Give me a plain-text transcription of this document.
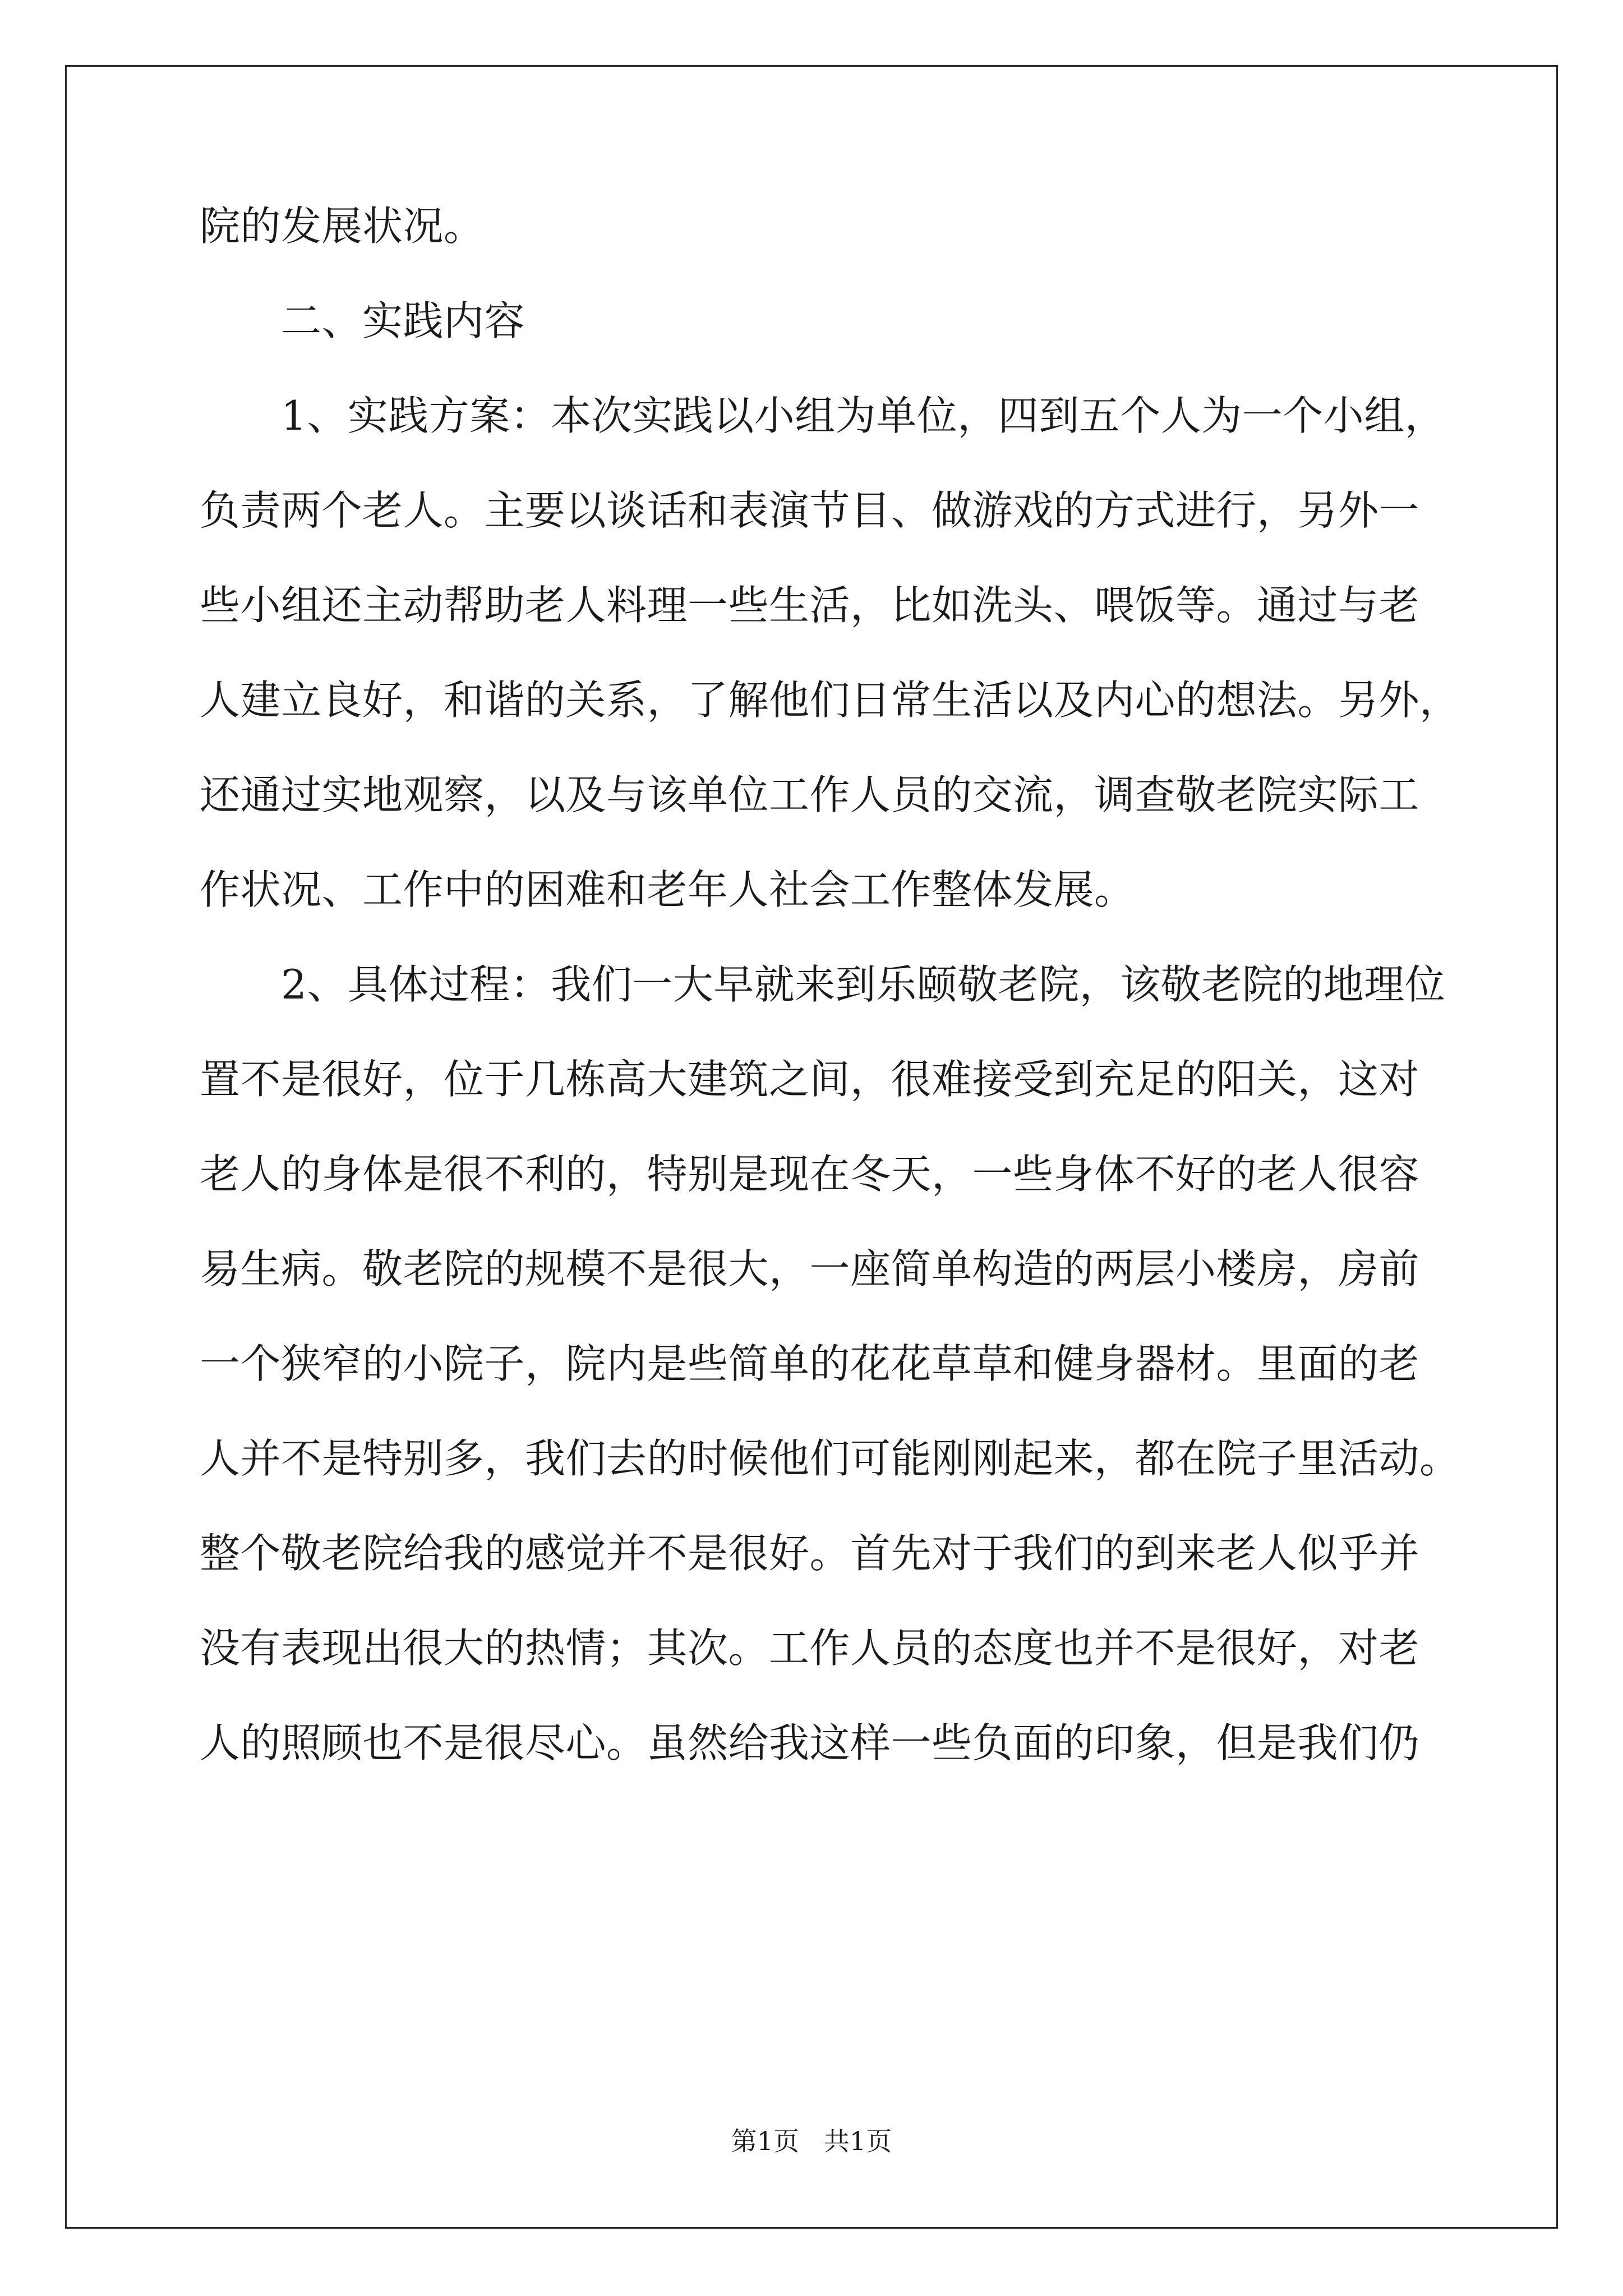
院的发展状况。
二、实践内容
1、实践方案：本次实践以小组为单位，四到五个人为一个小组，
负责两个老人。主要以谈话和表演节目、做游戏的方式进行，另外一
些小组还主动帮助老人料理一些生活，比如洗头、喂饭等。通过与老
人建立良好，和谐的关系，了解他们日常生活以及内心的想法。另外，
还通过实地观察，以及与该单位工作人员的交流，调查敬老院实际工
作状况、工作中的困难和老年人社会工作整体发展。
2、具体过程：我们一大早就来到乐颐敬老院，该敬老院的地理位
置不是很好，位于几栋高大建筑之间，很难接受到充足的阳关，这对
老人的身体是很不利的，特别是现在冬天，一些身体不好的老人很容
易生病。敬老院的规模不是很大，一座简单构造的两层小楼房，房前
一个狭窄的小院子，院内是些简单的花花草草和健身器材。里面的老
人并不是特别多，我们去的时候他们可能刚刚起来，都在院子里活动。
整个敬老院给我的感觉并不是很好。首先对于我们的到来老人似乎并
没有表现出很大的热情；其次。工作人员的态度也并不是很好，对老
人的照顾也不是很尽心。虽然给我这样一些负面的印象，但是我们仍
第1页   共1页
